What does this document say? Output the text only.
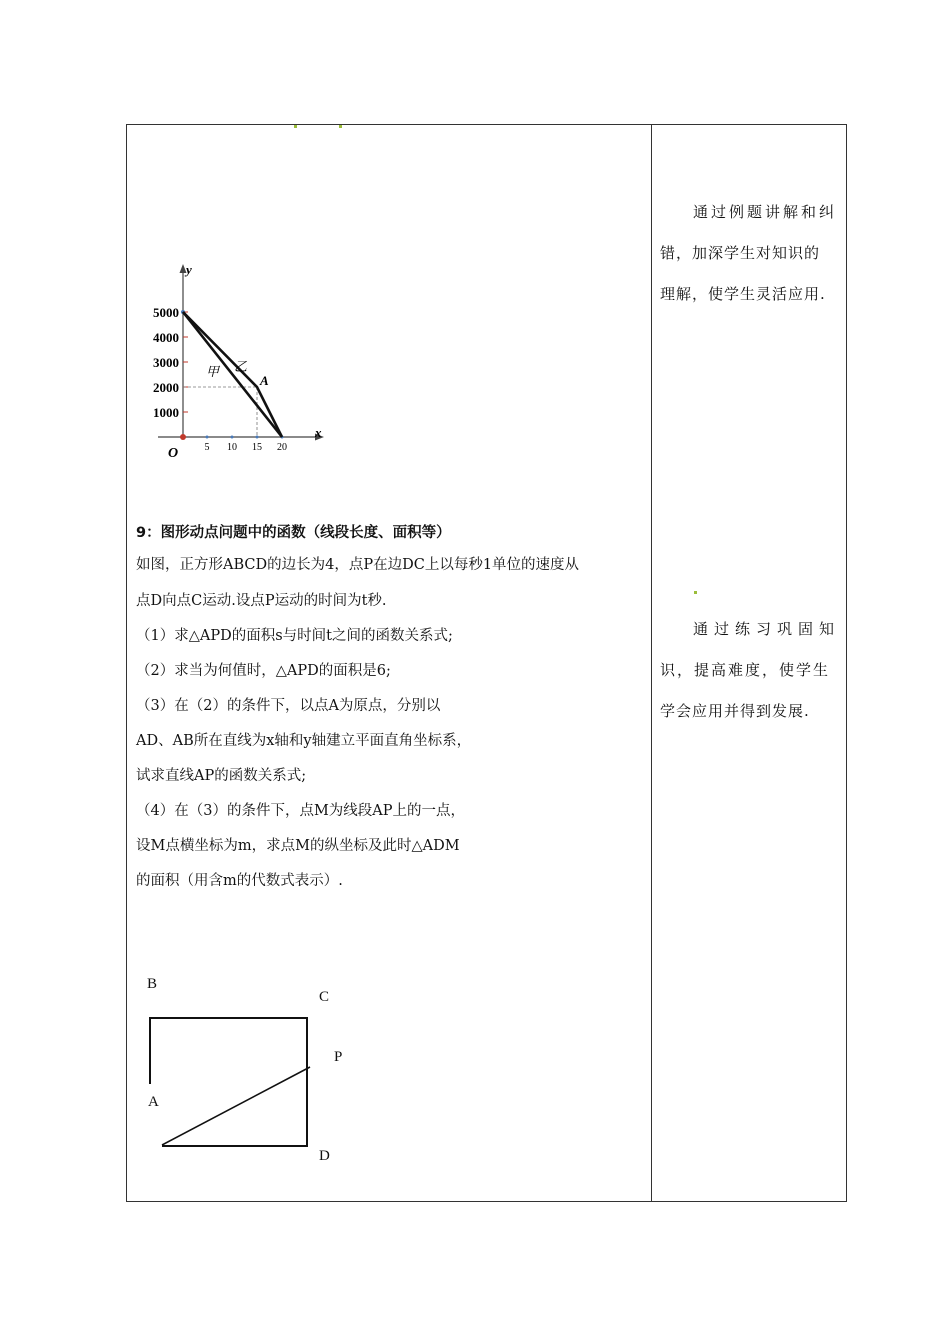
y
x
O
5000
4000
3000
2000
1000
5 10 15 20
甲 乙
A
9：图形动点问题中的函数（线段长度、面积等）
如图，正方形ABCD的边长为4，点P在边DC上以每秒1单位的速度从
点D向点C运动.设点P运动的时间为t秒.
（1）求△APD的面积s与时间t之间的函数关系式;
（2）求当为何值时，△APD的面积是6;
（3）在（2）的条件下，以点A为原点，分别以
AD、AB所在直线为x轴和y轴建立平面直角坐标系，
试求直线AP的函数关系式;
（4）在（3）的条件下，点M为线段AP上的一点，
设M点横坐标为m，求点M的纵坐标及此时△ADM
的面积（用含m的代数式表示）.
B
C
P
A
D
通过例题讲解和纠
错，加深学生对知识的
理解，使学生灵活应用.
通过练习巩固知
识，提高难度，使学生
学会应用并得到发展.
